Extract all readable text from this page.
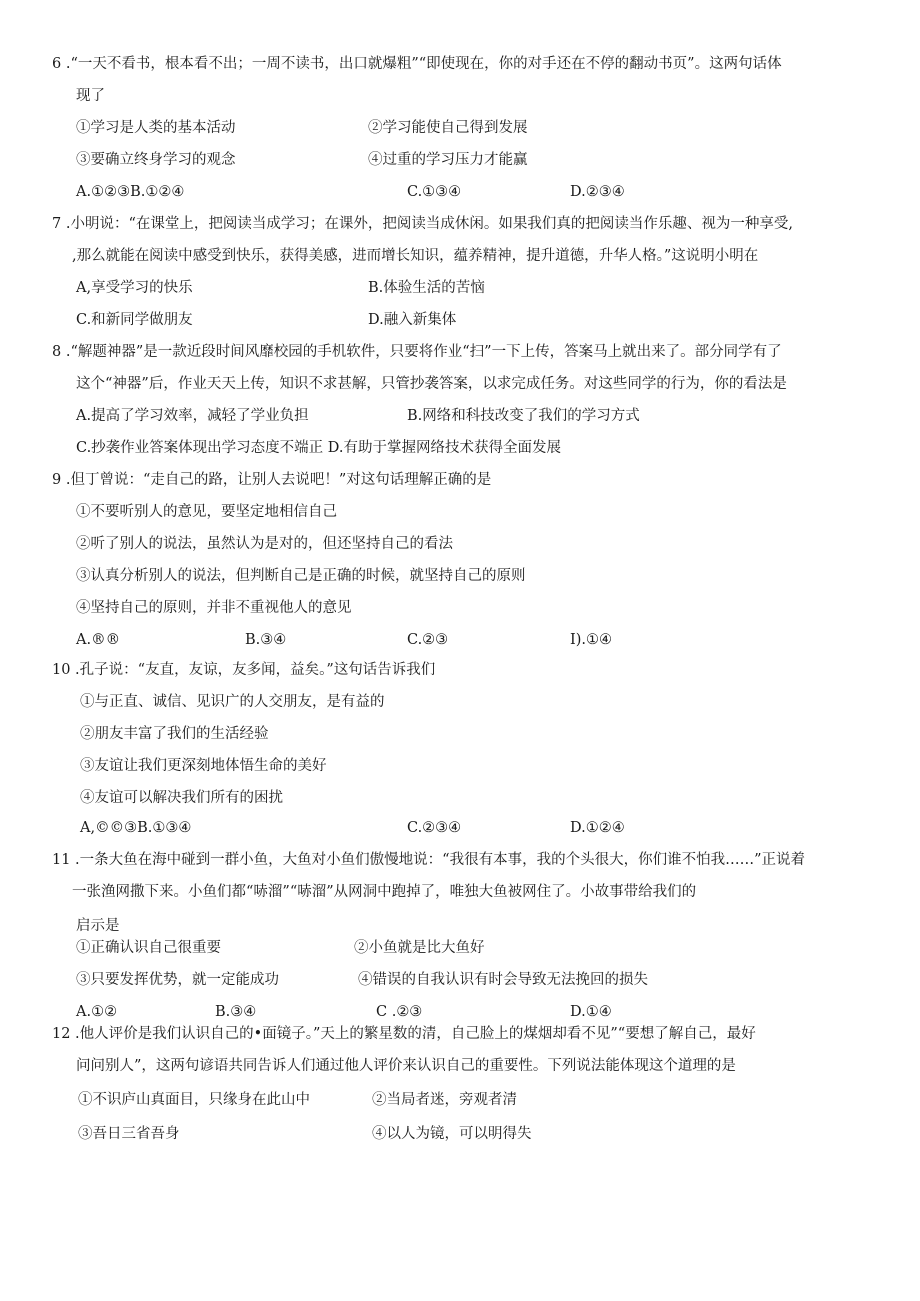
6 .“一天不看书，根本看不出；一周不读书，出口就爆粗”“即使现在，你的对手还在不停的翻动书页”。这两句话体
现了
①学习是人类的基本活动	②学习能使自己得到发展
③要确立终身学习的观念	④过重的学习压力才能赢
A.①②③B.①②④	C.①③④	D.②③④
7 .小明说：“在课堂上，把阅读当成学习；在课外，把阅读当成休闲。如果我们真的把阅读当作乐趣、视为一种享受,
,那么就能在阅读中感受到快乐，获得美感，进而增长知识，蕴养精神，提升道德，升华人格。”这说明小明在
A,享受学习的快乐	B.体验生活的苦恼
C.和新同学做朋友	D.融入新集体
8 .“解题神器”是一款近段时间风靡校园的手机软件，只要将作业“扫”一下上传，答案马上就出来了。部分同学有了
这个“神器”后，作业天天上传，知识不求甚解，只管抄袭答案，以求完成任务。对这些同学的行为，你的看法是
A.提高了学习效率，减轻了学业负担	B.网络和科技改变了我们的学习方式
C.抄袭作业答案体现出学习态度不端正 D.有助于掌握网络技术获得全面发展
9 .但丁曾说：“走自己的路，让别人去说吧！”对这句话理解正确的是
①不要听别人的意见，要坚定地相信自己
②听了别人的说法，虽然认为是对的，但还坚持自己的看法
③认真分析别人的说法，但判断自己是正确的时候，就坚持自己的原则
④坚持自己的原则，并非不重视他人的意见
A.®®	B.③④	C.②③	I).①④
10 .孔子说：“友直，友谅，友多闻，益矣。”这句话告诉我们
①与正直、诚信、见识广的人交朋友，是有益的
②朋友丰富了我们的生活经验
③友谊让我们更深刻地体悟生命的美好
④友谊可以解决我们所有的困扰
A,©©③B.①③④	C.②③④	D.①②④
11 .一条大鱼在海中碰到一群小鱼，大鱼对小鱼们傲慢地说：“我很有本事，我的个头很大，你们谁不怕我……”正说着
一张渔网撒下来。小鱼们都“哧溜”“哧溜”从网洞中跑掉了，唯独大鱼被网住了。小故事带给我们的
启示是
①正确认识自己很重要	②小鱼就是比大鱼好
③只要发挥优势，就一定能成功	④错误的自我认识有时会导致无法挽回的损失
A.①②	B.③④	C .②③	D.①④
12 .他人评价是我们认识自己的•面镜子。”天上的繁星数的清，自己脸上的煤烟却看不见”“要想了解自己，最好
问问别人”，这两句谚语共同告诉人们通过他人评价来认识自己的重要性。下列说法能体现这个道理的是
①不识庐山真面目，只缘身在此山中	②当局者迷，旁观者清
③吾日三省吾身	④以人为镜，可以明得失
